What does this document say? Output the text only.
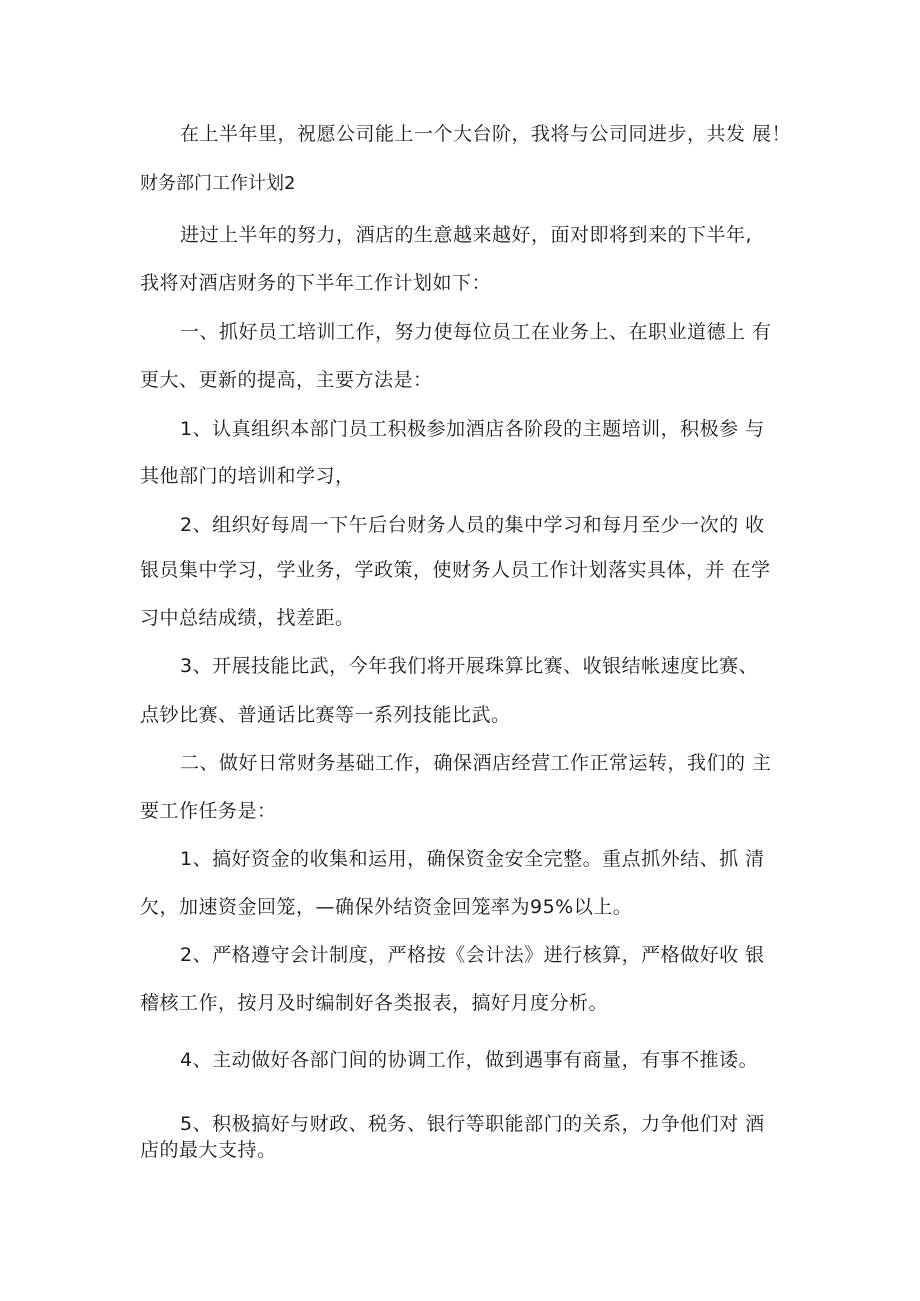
在上半年里，祝愿公司能上一个大台阶，我将与公司同进步，共发 展！
财务部门工作计划2
进过上半年的努力，酒店的生意越来越好，面对即将到来的下半年,
我将对酒店财务的下半年工作计划如下：
一、抓好员工培训工作，努力使每位员工在业务上、在职业道德上 有
更大、更新的提高，主要方法是：
1、认真组织本部门员工积极参加酒店各阶段的主题培训，积极参 与
其他部门的培训和学习，
2、组织好每周一下午后台财务人员的集中学习和每月至少一次的 收
银员集中学习，学业务，学政策，使财务人员工作计划落实具体，并 在学
习中总结成绩，找差距。
3、开展技能比武，今年我们将开展珠算比赛、收银结帐速度比赛、
点钞比赛、普通话比赛等一系列技能比武。
二、做好日常财务基础工作，确保酒店经营工作正常运转，我们的 主
要工作任务是：
1、搞好资金的收集和运用，确保资金安全完整。重点抓外结、抓 清
欠，加速资金回笼，—确保外结资金回笼率为95%以上。
2、严格遵守会计制度，严格按《会计法》进行核算，严格做好收 银
稽核工作，按月及时编制好各类报表，搞好月度分析。
4、主动做好各部门间的协调工作，做到遇事有商量，有事不推诿。
5、积极搞好与财政、税务、银行等职能部门的关系，力争他们对 酒
店的最大支持。
